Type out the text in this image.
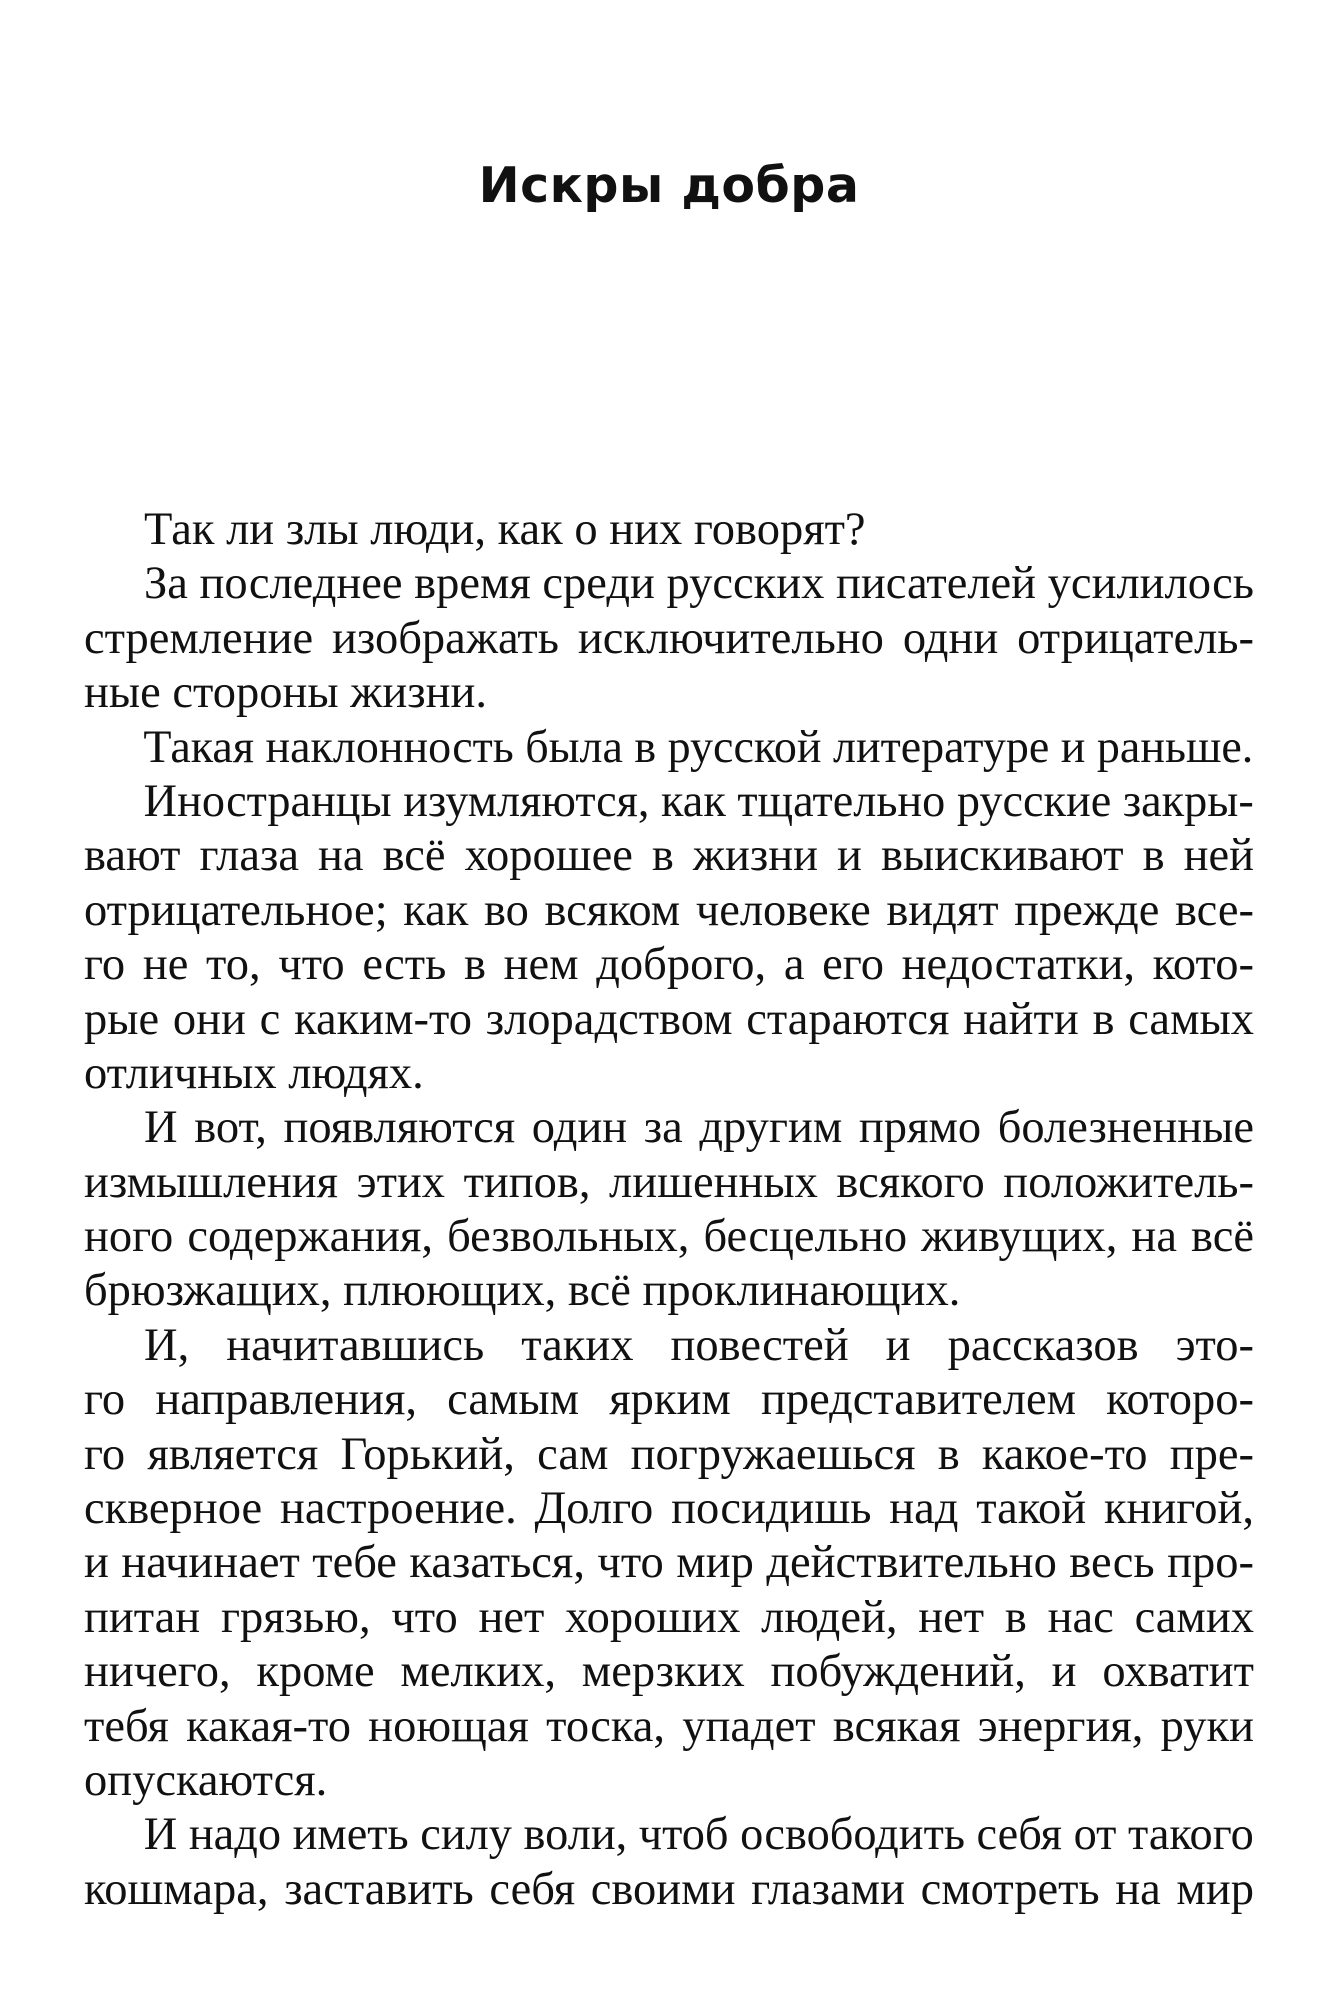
Искры добра
Так ли злы люди, как о них говорят?
За последнее время среди русских писателей усилилось
стремление изображать исключительно одни отрицатель-
ные стороны жизни.
Такая наклонность была в русской литературе и раньше.
Иностранцы изумляются, как тщательно русские закры-
вают глаза на всё хорошее в жизни и выискивают в ней
отрицательное; как во всяком человеке видят прежде все-
го не то, что есть в нем доброго, а его недостатки, кото-
рые они с каким-то злорадством стараются найти в самых
отличных людях.
И вот, появляются один за другим прямо болезненные
измышления этих типов, лишенных всякого положитель-
ного содержания, безвольных, бесцельно живущих, на всё
брюзжащих, плюющих, всё проклинающих.
И, начитавшись таких повестей и рассказов это-
го направления, самым ярким представителем которо-
го является Горький, сам погружаешься в какое-то пре-
скверное настроение. Долго посидишь над такой книгой,
и начинает тебе казаться, что мир действительно весь про-
питан грязью, что нет хороших людей, нет в нас самих
ничего, кроме мелких, мерзких побуждений, и охватит
тебя какая-то ноющая тоска, упадет всякая энергия, руки
опускаются.
И надо иметь силу воли, чтоб освободить себя от такого
кошмара, заставить себя своими глазами смотреть на мир
